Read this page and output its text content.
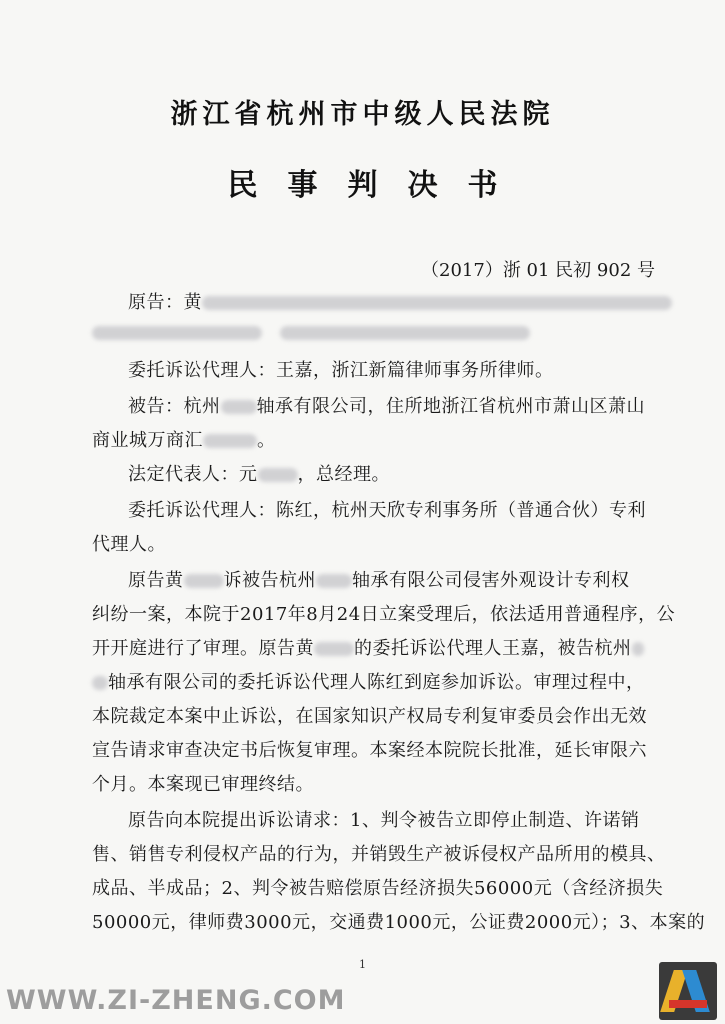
浙江省杭州市中级人民法院
民事判决书
（2017）浙 01 民初 902 号
原告：黄

委托诉讼代理人：王嘉，浙江新篇律师事务所律师。
被告：杭州 轴承有限公司，住所地浙江省杭州市萧山区萧山
商业城万商汇	。
法定代表人：元 ，总经理。
委托诉讼代理人：陈红，杭州天欣专利事务所（普通合伙）专利
代理人。
原告黄 诉被告杭州 轴承有限公司侵害外观设计专利权
纠纷一案，本院于2017年8月24日立案受理后，依法适用普通程序，公
开开庭进行了审理。原告黄 的委托诉讼代理人王嘉，被告杭州
轴承有限公司的委托诉讼代理人陈红到庭参加诉讼。审理过程中，
本院裁定本案中止诉讼，在国家知识产权局专利复审委员会作出无效
宣告请求审查决定书后恢复审理。本案经本院院长批准，延长审限六
个月。本案现已审理终结。
原告向本院提出诉讼请求：1、判令被告立即停止制造、许诺销
售、销售专利侵权产品的行为，并销毁生产被诉侵权产品所用的模具、
成品、半成品；2、判令被告赔偿原告经济损失56000元（含经济损失
50000元，律师费3000元，交通费1000元，公证费2000元）；3、本案的
1
WWW.ZI-ZHENG.COM
